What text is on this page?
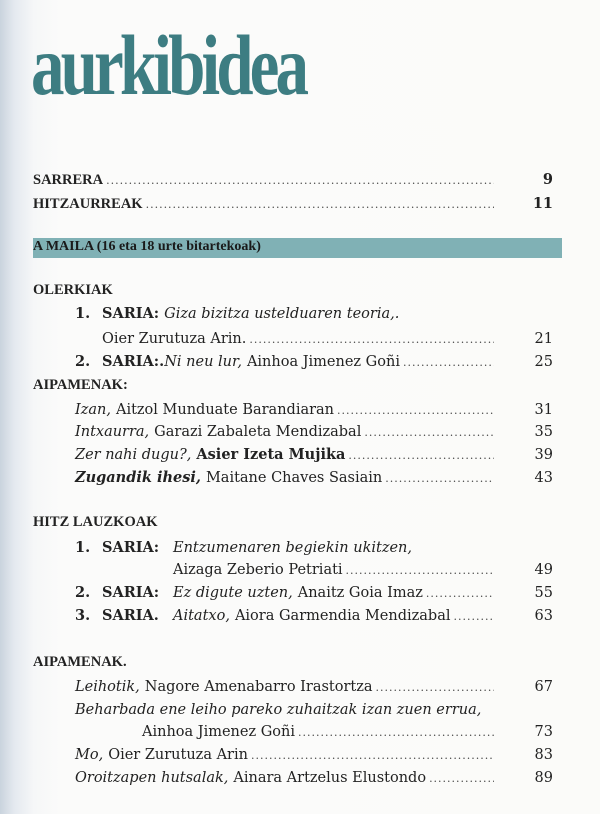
aurkibidea
A MAILA (16 eta 18 urte bitartekoak)
SARRERA .....	9
HITZAURREAK .....	11
OLERKIAK
AIPAMENAK:
HITZ LAUZKOAK
AIPAMENAK.
1. SARIA: Giza bizitza ustelduaren teoria,.
Oier Zurutuza Arin. .....	21
2. SARIA:. Ni neu lur, Ainhoa Jimenez Goñi .....	25
Izan, Aitzol Munduate Barandiaran .....	31
Intxaurra, Garazi Zabaleta Mendizabal .....	35
Zer nahi dugu?, Asier Izeta Mujika .....	39
Zugandik ihesi, Maitane Chaves Sasiain .....	43
1. SARIA: Entzumenaren begiekin ukitzen,
Aizaga Zeberio Petriati .....	49
2. SARIA: Ez digute uzten, Anaitz Goia Imaz .....	55
3. SARIA. Aitatxo, Aiora Garmendia Mendizabal .....	63
Leihotik, Nagore Amenabarro Irastortza .....	67
Mo, Oier Zurutuza Arin .....	83
Oroitzapen hutsalak, Ainara Artzelus Elustondo .....	89
Beharbada ene leiho pareko zuhaitzak izan zuen errua,
Ainhoa Jimenez Goñi .....	73
